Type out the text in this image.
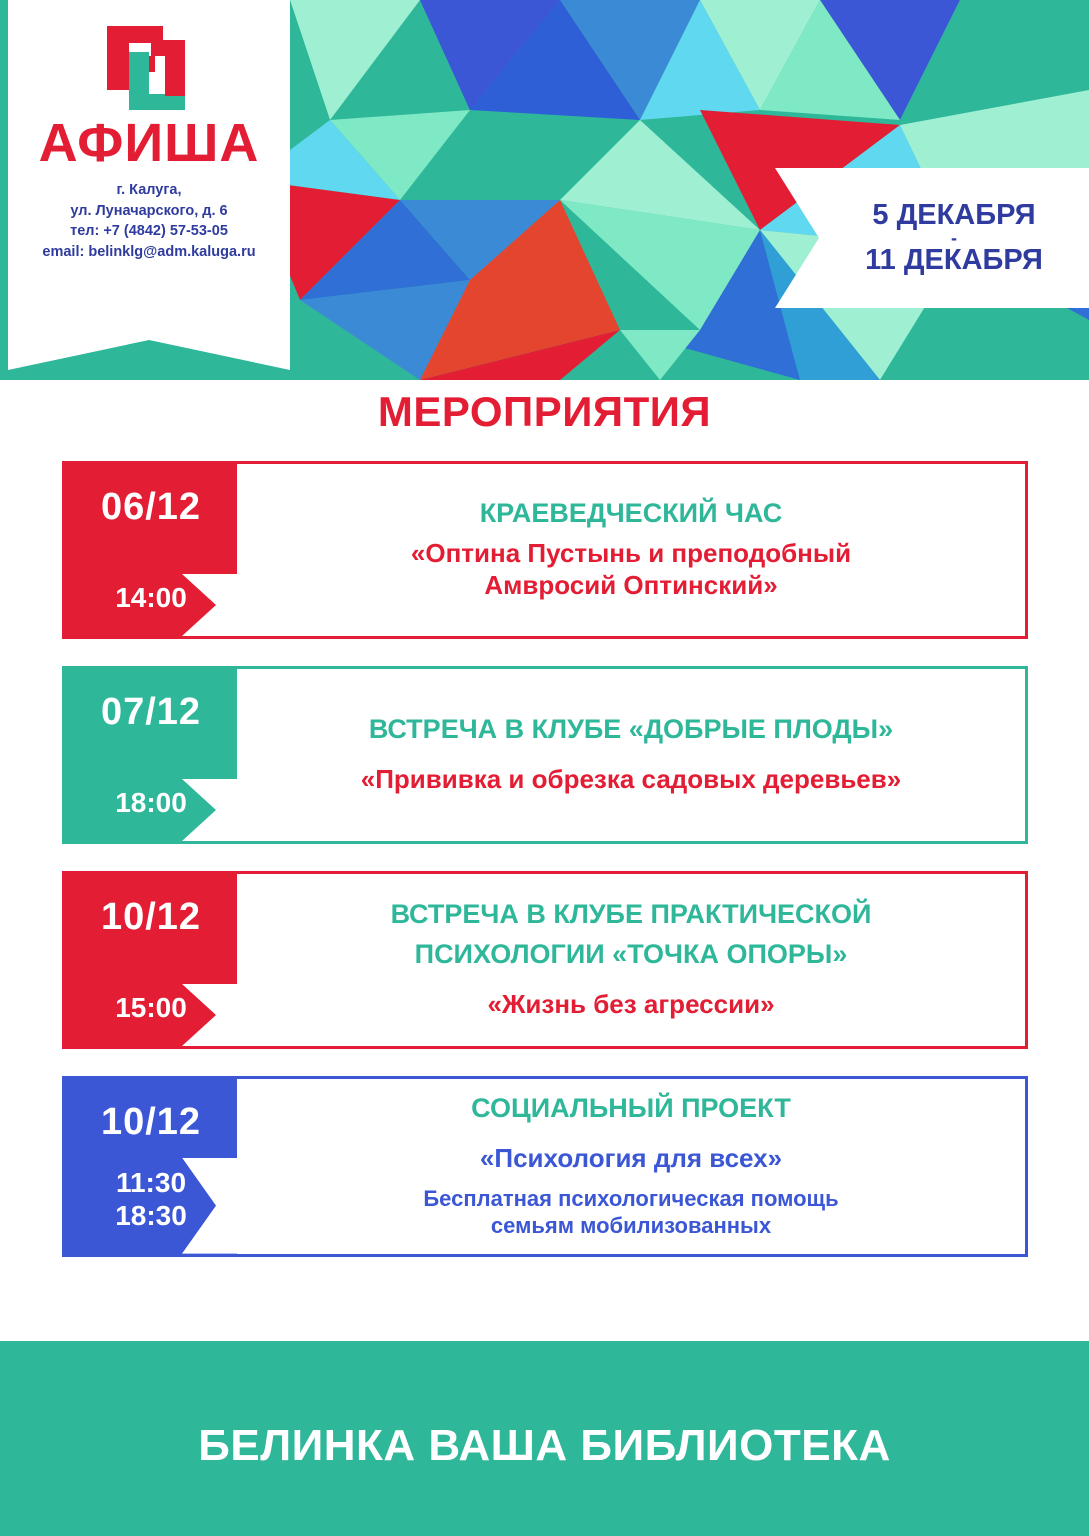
АФИША
г. Калуга,
ул. Луначарского, д. 6
тел: +7 (4842) 57-53-05
email: belinklg@adm.kaluga.ru
5 ДЕКАБРЯ
-
11 ДЕКАБРЯ
МЕРОПРИЯТИЯ
06/12
14:00
КРАЕВЕДЧЕСКИЙ ЧАС
«Оптина Пустынь и преподобный
Амвросий Оптинский»
07/12
18:00
ВСТРЕЧА В КЛУБЕ «ДОБРЫЕ ПЛОДЫ»
«Прививка и обрезка садовых деревьев»
10/12
15:00
ВСТРЕЧА В КЛУБЕ ПРАКТИЧЕСКОЙ
ПСИХОЛОГИИ «ТОЧКА ОПОРЫ»
«Жизнь без агрессии»
10/12
11:30
18:30
СОЦИАЛЬНЫЙ ПРОЕКТ
«Психология для всех»
Бесплатная психологическая помощь
семьям мобилизованных
БЕЛИНКА ВАША БИБЛИОТЕКА
